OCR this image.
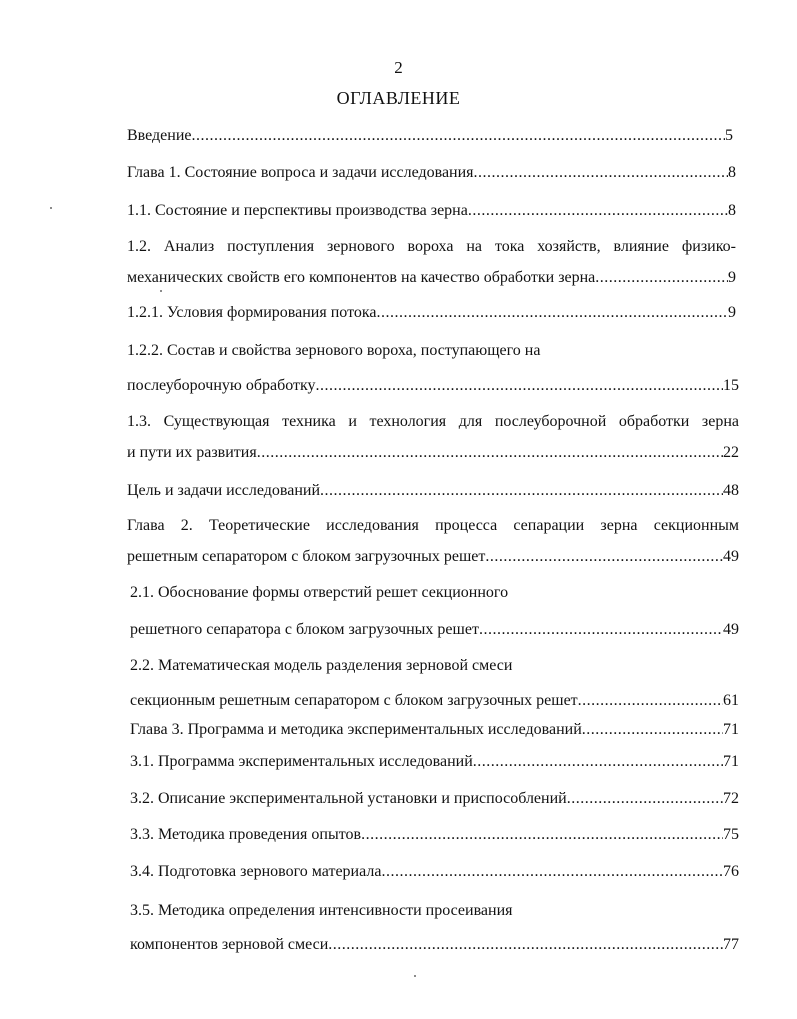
2
ОГЛАВЛЕНИЕ
Введение .....	5
Глава 1. Состояние вопроса и задачи исследования .....	8
1.1. Состояние и перспективы производства зерна .....	8
1.2. Анализ поступления зернового вороха на тока хозяйств, влияние физико-
механических свойств его компонентов на качество обработки зерна .....	9
1.2.1. Условия формирования потока .....	9
1.2.2. Состав и свойства зернового вороха, поступающего на
послеуборочную обработку .....	15
1.3. Существующая техника и технология для послеуборочной обработки зерна
и пути их развития .....	22
Цель и задачи исследований .....	48
Глава 2. Теоретические исследования процесса сепарации зерна секционным
решетным сепаратором с блоком загрузочных решет .....	49
2.1. Обоснование формы отверстий решет секционного
решетного сепаратора с блоком загрузочных решет .....	49
2.2. Математическая модель разделения зерновой смеси
секционным решетным сепаратором с блоком загрузочных решет .....	61
Глава 3. Программа и методика экспериментальных исследований .....	71
3.1. Программа экспериментальных исследований .....	71
3.2. Описание экспериментальной установки и приспособлений .....	72
3.3. Методика проведения опытов .....	75
3.4. Подготовка зернового материала .....	76
3.5. Методика определения интенсивности просеивания
компонентов зерновой смеси .....	77
